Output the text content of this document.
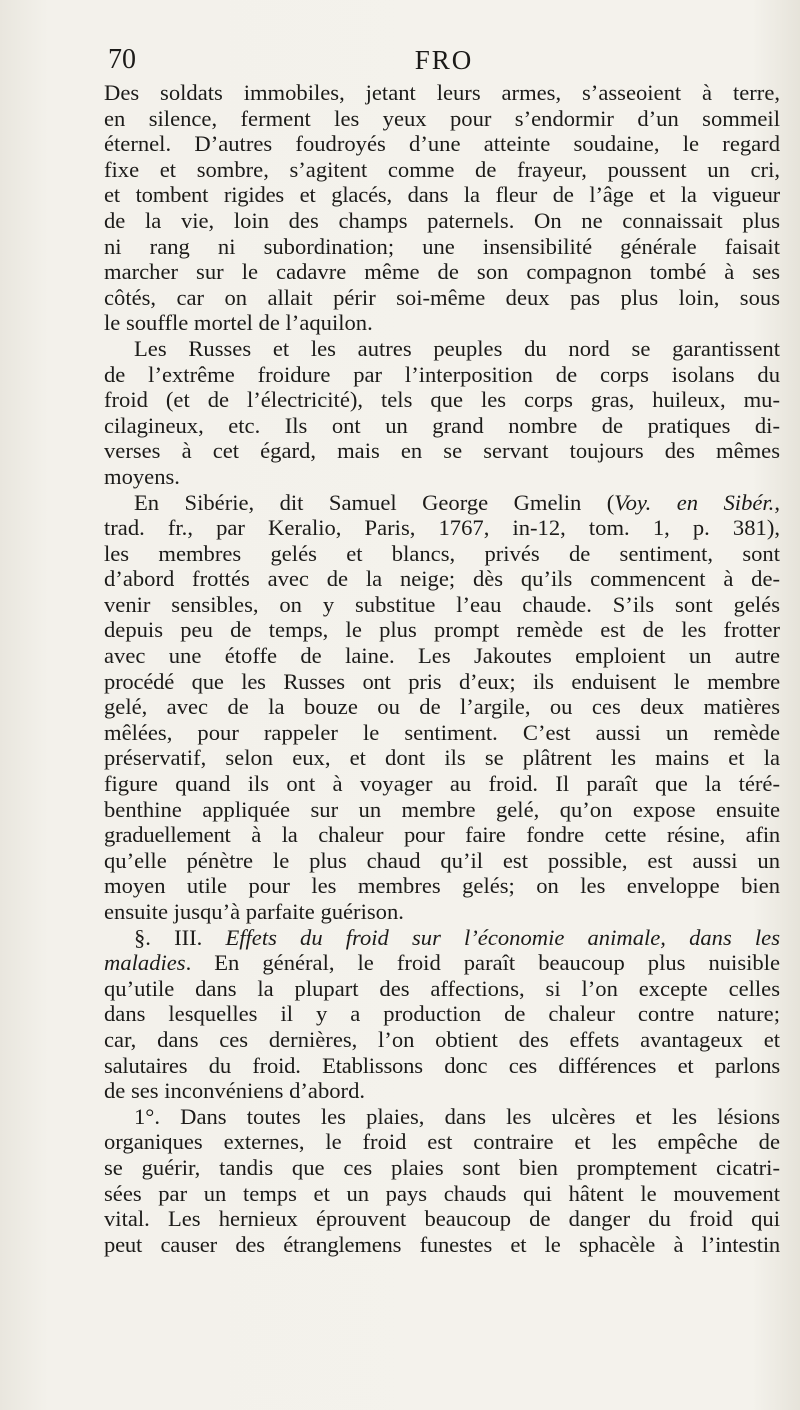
70	FRO
Des soldats immobiles, jetant leurs armes, s’asseoient à terre,
en silence, ferment les yeux pour s’endormir d’un sommeil
éternel. D’autres foudroyés d’une atteinte soudaine, le regard
fixe et sombre, s’agitent comme de frayeur, poussent un cri,
et tombent rigides et glacés, dans la fleur de l’âge et la vigueur
de la vie, loin des champs paternels. On ne connaissait plus
ni rang ni subordination; une insensibilité générale faisait
marcher sur le cadavre même de son compagnon tombé à ses
côtés, car on allait périr soi-même deux pas plus loin, sous
le souffle mortel de l’aquilon.
Les Russes et les autres peuples du nord se garantissent
de l’extrême froidure par l’interposition de corps isolans du
froid (et de l’électricité), tels que les corps gras, huileux, mu-
cilagineux, etc. Ils ont un grand nombre de pratiques di-
verses à cet égard, mais en se servant toujours des mêmes
moyens.
En Sibérie, dit Samuel George Gmelin (Voy. en Sibér.,
trad. fr., par Keralio, Paris, 1767, in-12, tom. 1, p. 381),
les membres gelés et blancs, privés de sentiment, sont
d’abord frottés avec de la neige; dès qu’ils commencent à de-
venir sensibles, on y substitue l’eau chaude. S’ils sont gelés
depuis peu de temps, le plus prompt remède est de les frotter
avec une étoffe de laine. Les Jakoutes emploient un autre
procédé que les Russes ont pris d’eux; ils enduisent le membre
gelé, avec de la bouze ou de l’argile, ou ces deux matières
mêlées, pour rappeler le sentiment. C’est aussi un remède
préservatif, selon eux, et dont ils se plâtrent les mains et la
figure quand ils ont à voyager au froid. Il paraît que la téré-
benthine appliquée sur un membre gelé, qu’on expose ensuite
graduellement à la chaleur pour faire fondre cette résine, afin
qu’elle pénètre le plus chaud qu’il est possible, est aussi un
moyen utile pour les membres gelés; on les enveloppe bien
ensuite jusqu’à parfaite guérison.
§. III. Effets du froid sur l’économie animale, dans les
maladies. En général, le froid paraît beaucoup plus nuisible
qu’utile dans la plupart des affections, si l’on excepte celles
dans lesquelles il y a production de chaleur contre nature;
car, dans ces dernières, l’on obtient des effets avantageux et
salutaires du froid. Etablissons donc ces différences et parlons
de ses inconvéniens d’abord.
1°. Dans toutes les plaies, dans les ulcères et les lésions
organiques externes, le froid est contraire et les empêche de
se guérir, tandis que ces plaies sont bien promptement cicatri-
sées par un temps et un pays chauds qui hâtent le mouvement
vital. Les hernieux éprouvent beaucoup de danger du froid qui
peut causer des étranglemens funestes et le sphacèle à l’intestin
